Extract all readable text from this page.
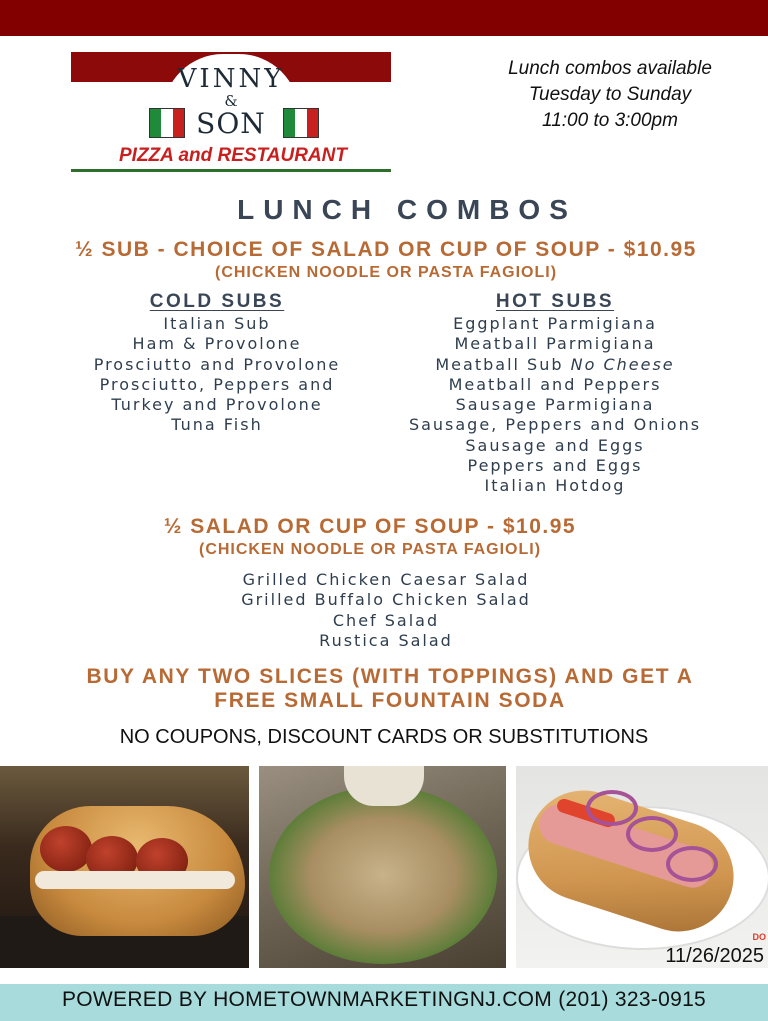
VINNY
&
SON
PIZZA and RESTAURANT
Lunch combos available
Tuesday to Sunday
11:00 to 3:00pm
LUNCH COMBOS
½ SUB - CHOICE OF SALAD OR CUP OF SOUP - $10.95
(CHICKEN NOODLE OR PASTA FAGIOLI)
COLD SUBS
Italian Sub
Ham & Provolone
Prosciutto and Provolone
Prosciutto, Peppers and
Turkey and Provolone
Tuna Fish
HOT SUBS
Eggplant Parmigiana
Meatball Parmigiana
Meatball Sub No Cheese
Meatball and Peppers
Sausage Parmigiana
Sausage, Peppers and Onions
Sausage and Eggs
Peppers and Eggs
Italian Hotdog
½ SALAD OR CUP OF SOUP - $10.95
(CHICKEN NOODLE OR PASTA FAGIOLI)
Grilled Chicken Caesar Salad
Grilled Buffalo Chicken Salad
Chef Salad
Rustica Salad
BUY ANY TWO SLICES (WITH TOPPINGS) AND GET A
FREE SMALL FOUNTAIN SODA
NO COUPONS, DISCOUNT CARDS OR SUBSTITUTIONS
DO
11/26/2025
POWERED BY HOMETOWNMARKETINGNJ.COM (201) 323-0915
